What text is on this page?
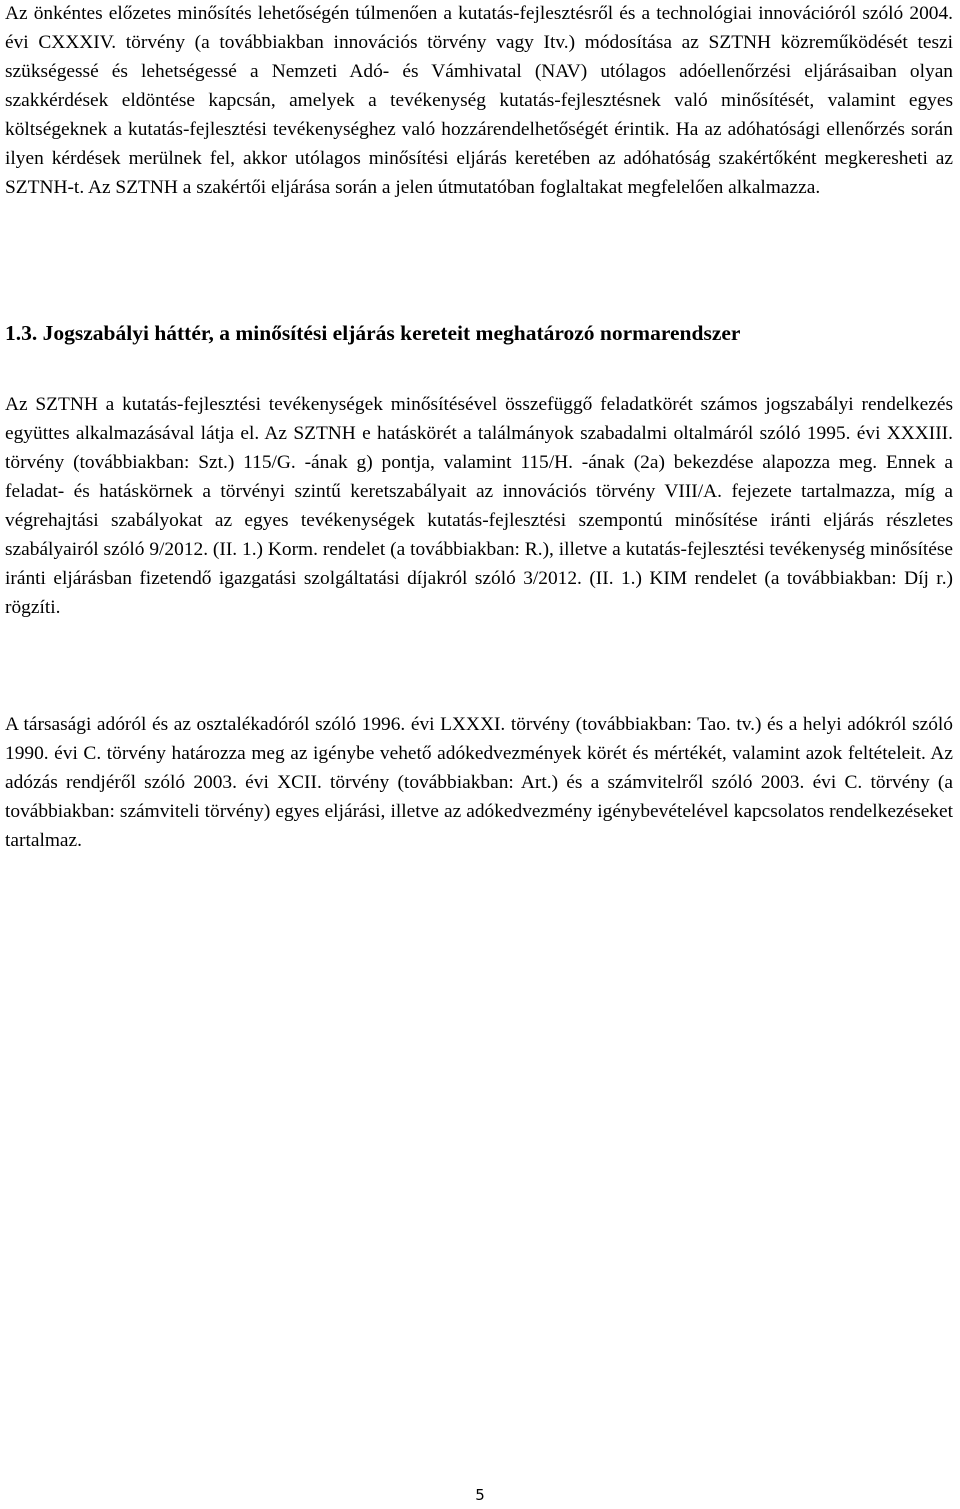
Az önkéntes előzetes minősítés lehetőségén túlmenően a kutatás-fejlesztésről és a technológiai innovációról szóló 2004. évi CXXXIV. törvény (a továbbiakban innovációs törvény vagy Itv.) módosítása az SZTNH közreműködését teszi szükségessé és lehetségessé a Nemzeti Adó- és Vámhivatal (NAV) utólagos adóellenőrzési eljárásaiban olyan szakkérdések eldöntése kapcsán, amelyek a tevékenység kutatás-fejlesztésnek való minősítését, valamint egyes költségeknek a kutatás-fejlesztési tevékenységhez való hozzárendelhetőségét érintik. Ha az adóhatósági ellenőrzés során ilyen kérdések merülnek fel, akkor utólagos minősítési eljárás keretében az adóhatóság szakértőként megkeresheti az SZTNH-t. Az SZTNH a szakértői eljárása során a jelen útmutatóban foglaltakat megfelelően alkalmazza.

1.3. Jogszabályi háttér, a minősítési eljárás kereteit meghatározó normarendszer

Az SZTNH a kutatás-fejlesztési tevékenységek minősítésével összefüggő feladatkörét számos jogszabályi rendelkezés együttes alkalmazásával látja el. Az SZTNH e hatáskörét a találmányok szabadalmi oltalmáról szóló 1995. évi XXXIII. törvény (továbbiakban: Szt.) 115/G. -ának g) pontja, valamint 115/H. -ának (2a) bekezdése alapozza meg. Ennek a feladat- és hatáskörnek a törvényi szintű keretszabályait az innovációs törvény VIII/A. fejezete tartalmazza, míg a végrehajtási szabályokat az egyes tevékenységek kutatás-fejlesztési szempontú minősítése iránti eljárás részletes szabályairól szóló 9/2012. (II. 1.) Korm. rendelet (a továbbiakban: R.), illetve a kutatás-fejlesztési tevékenység minősítése iránti eljárásban fizetendő igazgatási szolgáltatási díjakról szóló 3/2012. (II. 1.) KIM rendelet (a továbbiakban: Díj r.) rögzíti.

A társasági adóról és az osztalékadóról szóló 1996. évi LXXXI. törvény (továbbiakban: Tao. tv.) és a helyi adókról szóló 1990. évi C. törvény határozza meg az igénybe vehető adókedvezmények körét és mértékét, valamint azok feltételeit. Az adózás rendjéről szóló 2003. évi XCII. törvény (továbbiakban: Art.) és a számvitelről szóló 2003. évi C. törvény (a továbbiakban: számviteli törvény) egyes eljárási, illetve az adókedvezmény igénybevételével kapcsolatos rendelkezéseket tartalmaz.

5
